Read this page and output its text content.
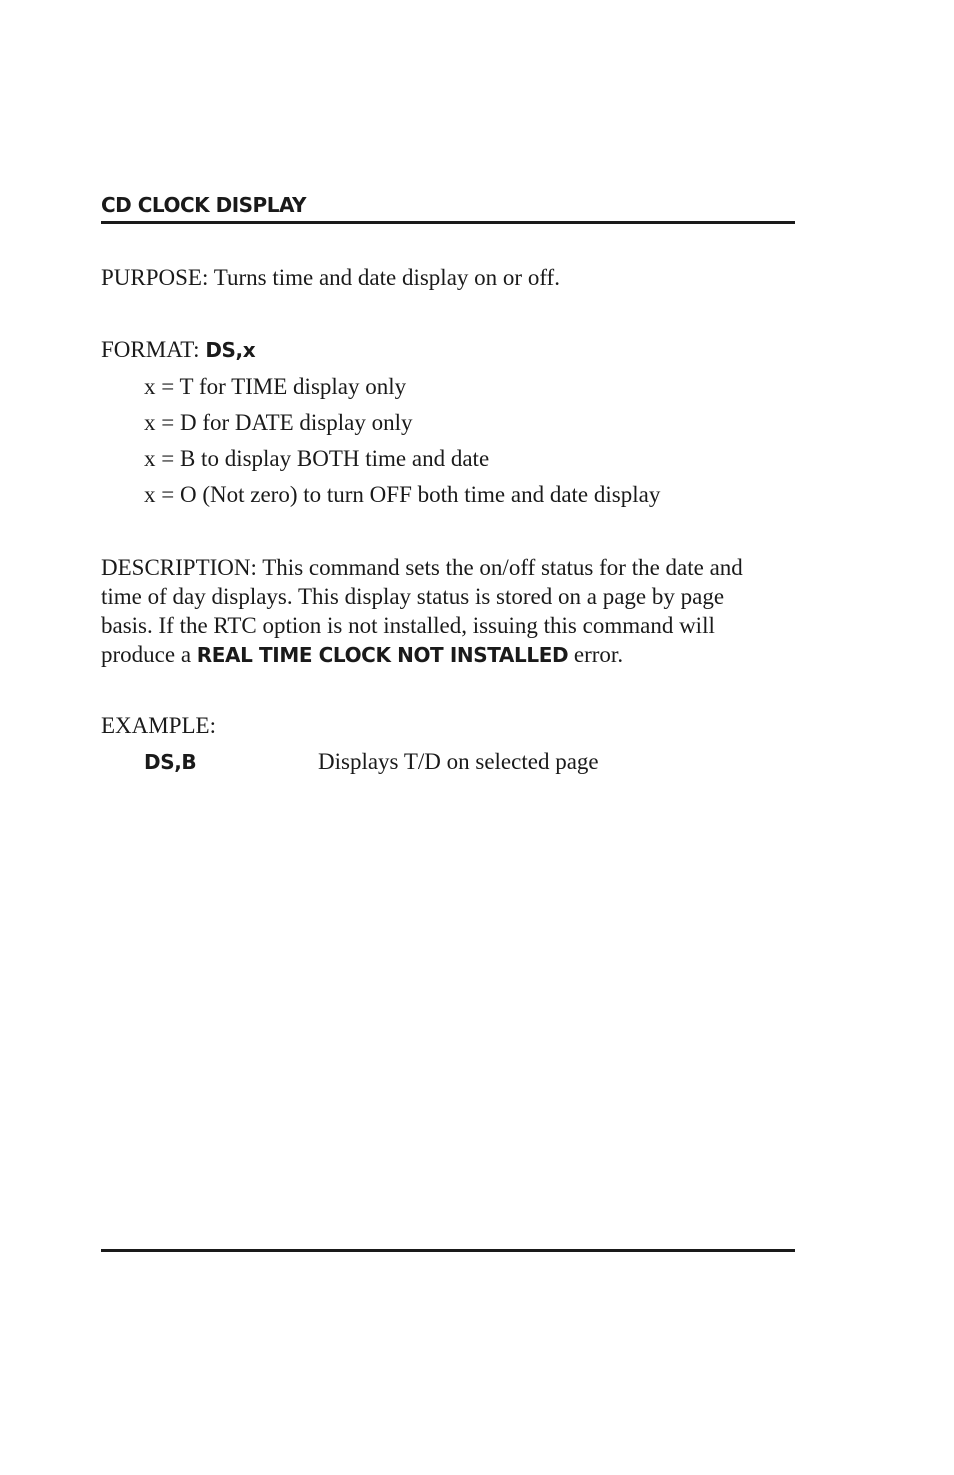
CD CLOCK DISPLAY
PURPOSE: Turns time and date display on or off.
FORMAT: DS,x
x = T for TIME display only
x = D for DATE display only
x = B to display BOTH time and date
x = O (Not zero) to turn OFF both time and date display
DESCRIPTION: This command sets the on/off status for the date and
time of day displays. This display status is stored on a page by page
basis. If the RTC option is not installed, issuing this command will
produce a REAL TIME CLOCK NOT INSTALLED error.
EXAMPLE:
DS,B	Displays T/D on selected page
